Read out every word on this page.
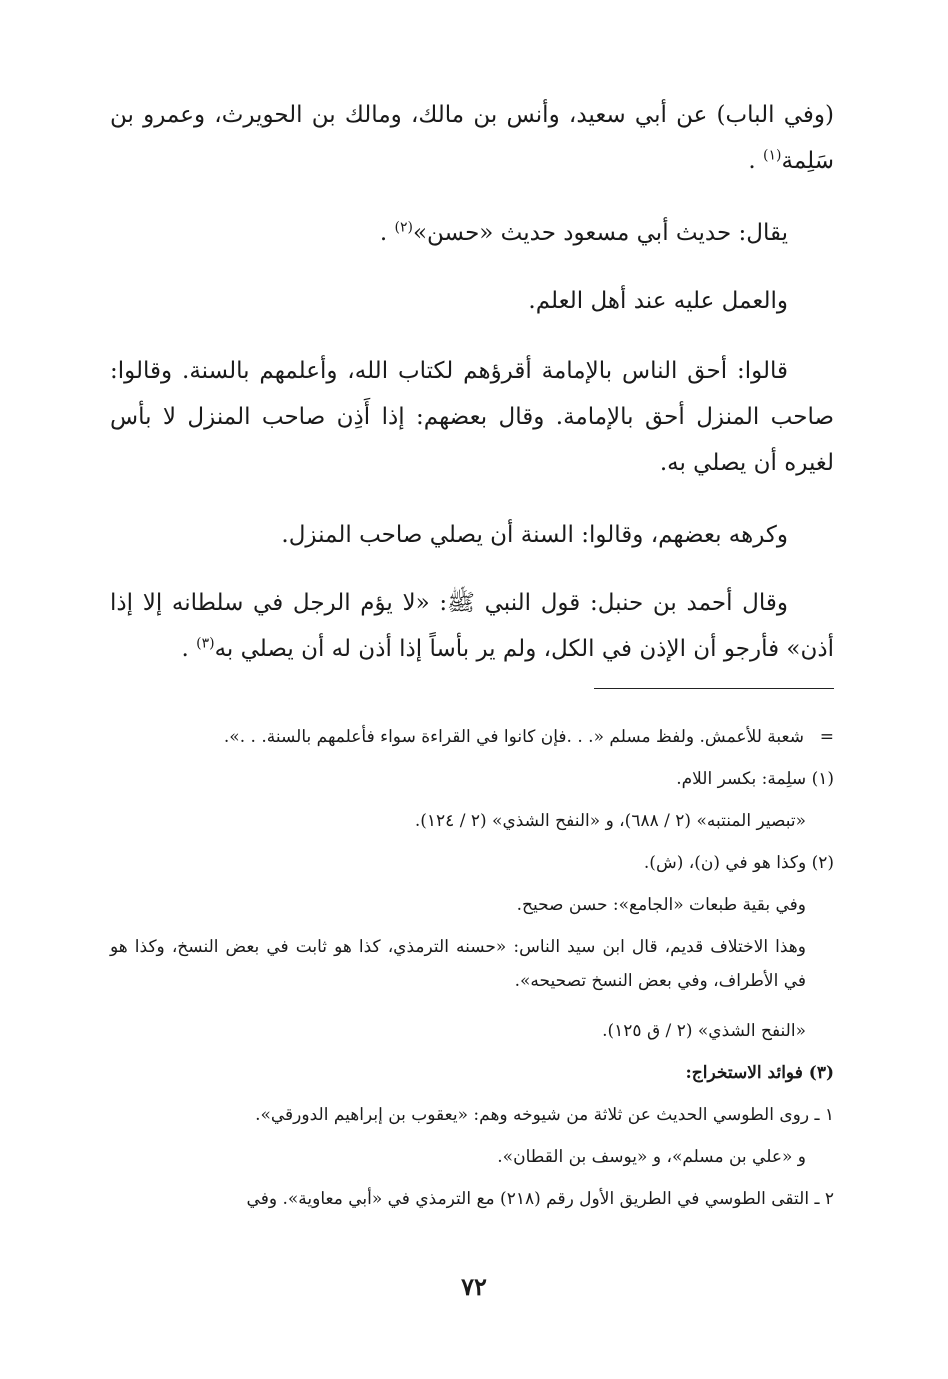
(وفي الباب) عن أبي سعيد، وأنس بن مالك، ومالك بن الحويرث، وعمرو بن سَلِمة$^{(١)}$ .

يقال: حديث أبي مسعود حديث «حسن»$^{(٢)}$ .

والعمل عليه عند أهل العلم.

قالوا: أحق الناس بالإمامة أقرؤهم لكتاب الله، وأعلمهم بالسنة. وقالوا: صاحب المنزل أحق بالإمامة. وقال بعضهم: إذا أَذِن صاحب المنزل لا بأس لغيره أن يصلي به.

وكرهه بعضهم، وقالوا: السنة أن يصلي صاحب المنزل.

وقال أحمد بن حنبل: قول النبي ﷺ: «لا يؤم الرجل في سلطانه إلا إذا أذن» فأرجو أن الإذن في الكل، ولم ير بأساً إذا أذن له أن يصلي به$^{(٣)}$ .

=
شعبة للأعمش. ولفظ مسلم «. . .فإن كانوا في القراءة سواء فأعلمهم بالسنة. . .».

(١) سلِمة: بكسر اللام.

«تبصير المنتبه» (٢ / ٦٨٨)، و «النفح الشذي» (٢ / ١٢٤).

(٢) وكذا هو في (ن)، (ش).

وفي بقية طبعات «الجامع»: حسن صحيح.

وهذا الاختلاف قديم، قال ابن سيد الناس: «حسنه الترمذي، كذا هو ثابت في بعض النسخ، وكذا هو في الأطراف، وفي بعض النسخ تصحيحه».

«النفح الشذي» (٢ / ق ١٢٥).

(٣) فوائد الاستخراج:

١ ـ روى الطوسي الحديث عن ثلاثة من شيوخه وهم: «يعقوب بن إبراهيم الدورقي».

و «علي بن مسلم»، و «يوسف بن القطان».

٢ ـ التقى الطوسي في الطريق الأول رقم (٢١٨) مع الترمذي في «أبي معاوية». وفي

٧٢
